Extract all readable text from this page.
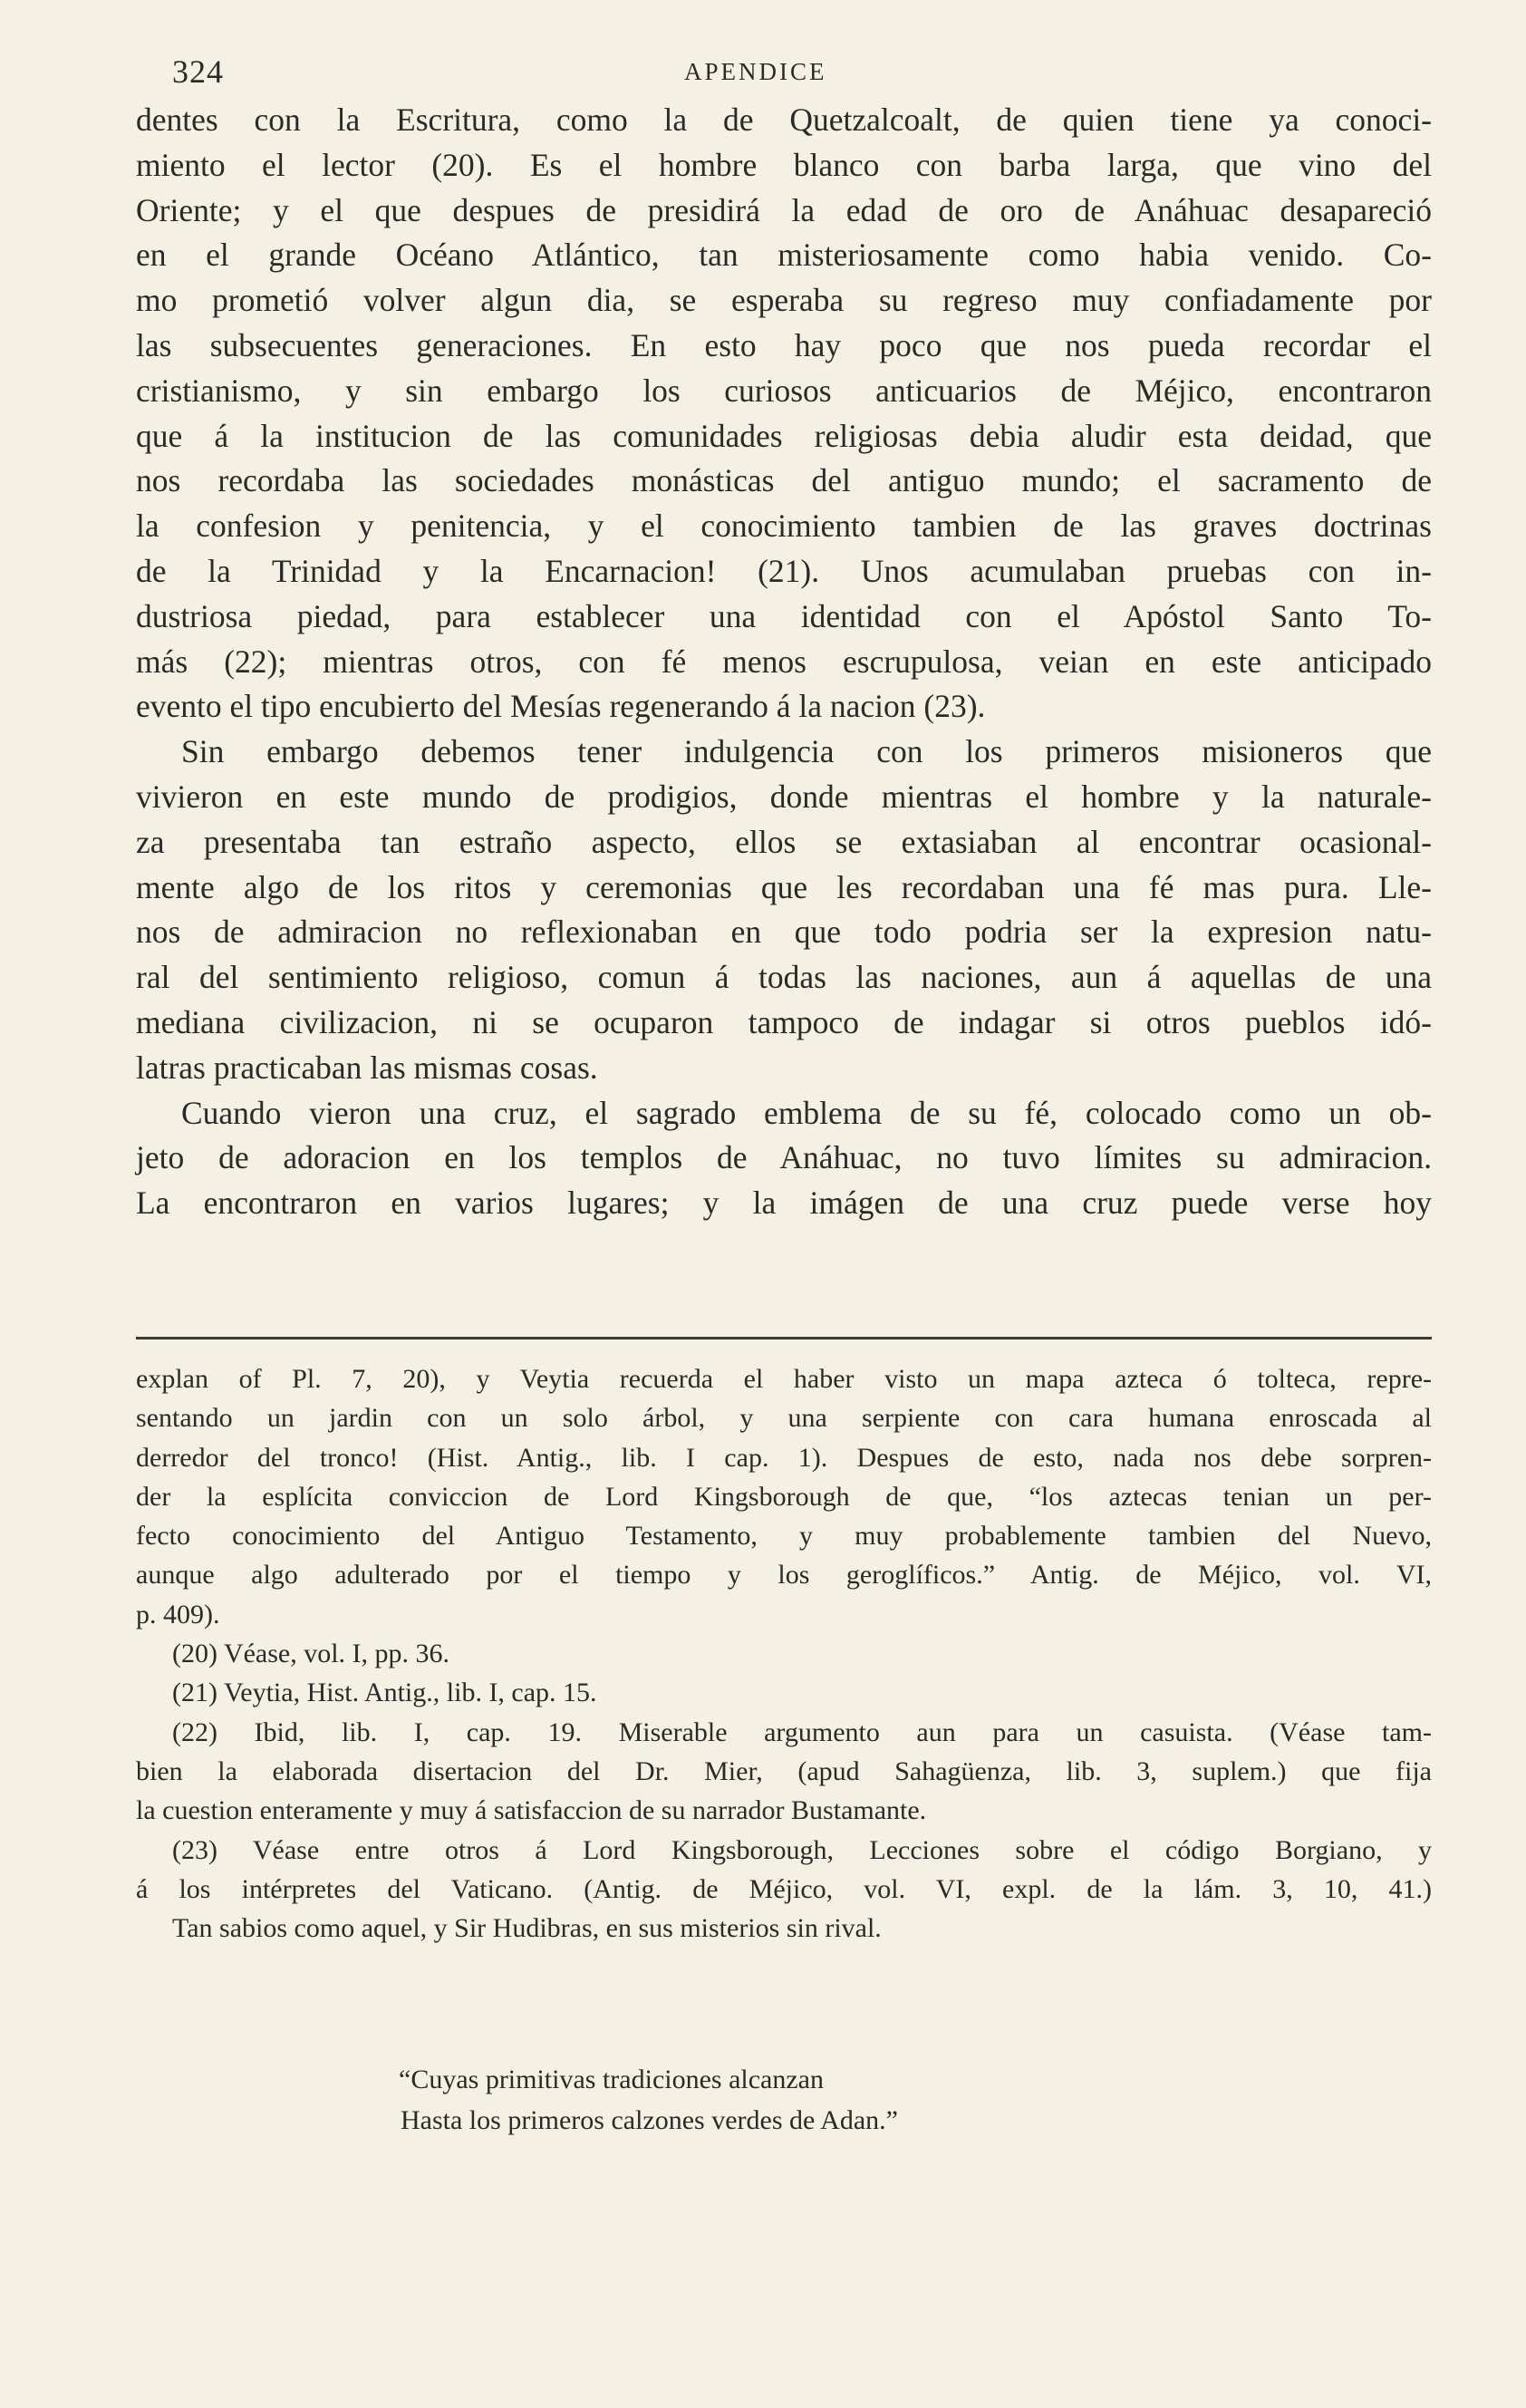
324	APENDICE
dentes con la Escritura, como la de Quetzalcoalt, de quien tiene ya conoci-
miento el lector (20). Es el hombre blanco con barba larga, que vino del
Oriente; y el que despues de presidirá la edad de oro de Anáhuac desapareció
en el grande Océano Atlántico, tan misteriosamente como habia venido. Co-
mo prometió volver algun dia, se esperaba su regreso muy confiadamente por
las subsecuentes generaciones. En esto hay poco que nos pueda recordar el
cristianismo, y sin embargo los curiosos anticuarios de Méjico, encontraron
que á la institucion de las comunidades religiosas debia aludir esta deidad, que
nos recordaba las sociedades monásticas del antiguo mundo; el sacramento de
la confesion y penitencia, y el conocimiento tambien de las graves doctrinas
de la Trinidad y la Encarnacion! (21). Unos acumulaban pruebas con in-
dustriosa piedad, para establecer una identidad con el Apóstol Santo To-
más (22); mientras otros, con fé menos escrupulosa, veian en este anticipado
evento el tipo encubierto del Mesías regenerando á la nacion (23).
Sin embargo debemos tener indulgencia con los primeros misioneros que
vivieron en este mundo de prodigios, donde mientras el hombre y la naturale-
za presentaba tan estraño aspecto, ellos se extasiaban al encontrar ocasional-
mente algo de los ritos y ceremonias que les recordaban una fé mas pura. Lle-
nos de admiracion no reflexionaban en que todo podria ser la expresion natu-
ral del sentimiento religioso, comun á todas las naciones, aun á aquellas de una
mediana civilizacion, ni se ocuparon tampoco de indagar si otros pueblos idó-
latras practicaban las mismas cosas.
Cuando vieron una cruz, el sagrado emblema de su fé, colocado como un ob-
jeto de adoracion en los templos de Anáhuac, no tuvo límites su admiracion.
La encontraron en varios lugares; y la imágen de una cruz puede verse hoy
explan of Pl. 7, 20), y Veytia recuerda el haber visto un mapa azteca ó tolteca, repre-
sentando un jardin con un solo árbol, y una serpiente con cara humana enroscada al
derredor del tronco! (Hist. Antig., lib. I cap. 1). Despues de esto, nada nos debe sorpren-
der la esplícita conviccion de Lord Kingsborough de que, “los aztecas tenian un per-
fecto conocimiento del Antiguo Testamento, y muy probablemente tambien del Nuevo,
aunque algo adulterado por el tiempo y los geroglíficos.” Antig. de Méjico, vol. VI,
p. 409).
(20) Véase, vol. I, pp. 36.
(21) Veytia, Hist. Antig., lib. I, cap. 15.
(22) Ibid, lib. I, cap. 19. Miserable argumento aun para un casuista. (Véase tam-
bien la elaborada disertacion del Dr. Mier, (apud Sahagüenza, lib. 3, suplem.) que fija
la cuestion enteramente y muy á satisfaccion de su narrador Bustamante.
(23) Véase entre otros á Lord Kingsborough, Lecciones sobre el código Borgiano, y
á los intérpretes del Vaticano. (Antig. de Méjico, vol. VI, expl. de la lám. 3, 10, 41.)
Tan sabios como aquel, y Sir Hudibras, en sus misterios sin rival.
“Cuyas primitivas tradiciones alcanzan
Hasta los primeros calzones verdes de Adan.”
